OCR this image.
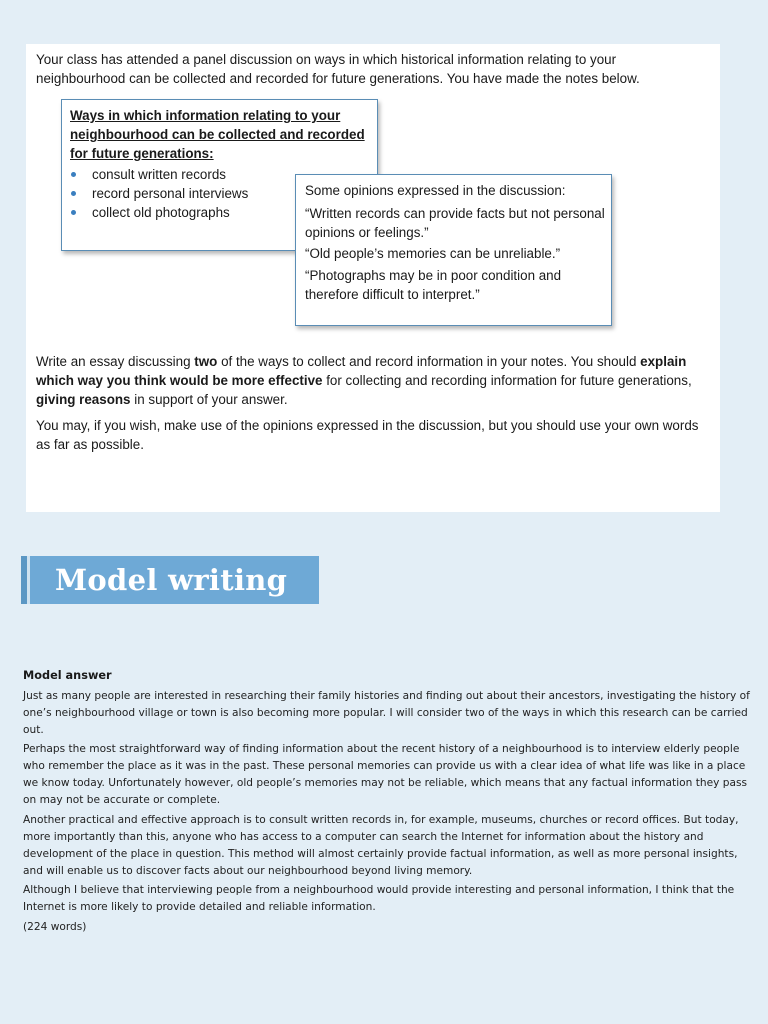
Your class has attended a panel discussion on ways in which historical information relating to your neighbourhood can be collected and recorded for future generations. You have made the notes below.

Ways in which information relating to your neighbourhood can be collected and recorded for future generations:

consult written records
record personal interviews
collect old photographs

Some opinions expressed in the discussion:

“Written records can provide facts but not personal opinions or feelings.”

“Old people’s memories can be unreliable.”

“Photographs may be in poor condition and therefore difficult to interpret.”

Write an essay discussing two of the ways to collect and record information in your notes. You should explain which way you think would be more effective for collecting and recording information for future generations, giving reasons in support of your answer.

You may, if you wish, make use of the opinions expressed in the discussion, but you should use your own words as far as possible.

Model writing

Model answer

Just as many people are interested in researching their family histories and finding out about their ancestors, investigating the history of one’s neighbourhood village or town is also becoming more popular. I will consider two of the ways in which this research can be carried out.

Perhaps the most straightforward way of finding information about the recent history of a neighbourhood is to interview elderly people who remember the place as it was in the past. These personal memories can provide us with a clear idea of what life was like in a place we know today. Unfortunately however, old people’s memories may not be reliable, which means that any factual information they pass on may not be accurate or complete.

Another practical and effective approach is to consult written records in, for example, museums, churches or record offices. But today, more importantly than this, anyone who has access to a computer can search the Internet for information about the history and development of the place in question. This method will almost certainly provide factual information, as well as more personal insights, and will enable us to discover facts about our neighbourhood beyond living memory.

Although I believe that interviewing people from a neighbourhood would provide interesting and personal information, I think that the Internet is more likely to provide detailed and reliable information.

(224 words)
